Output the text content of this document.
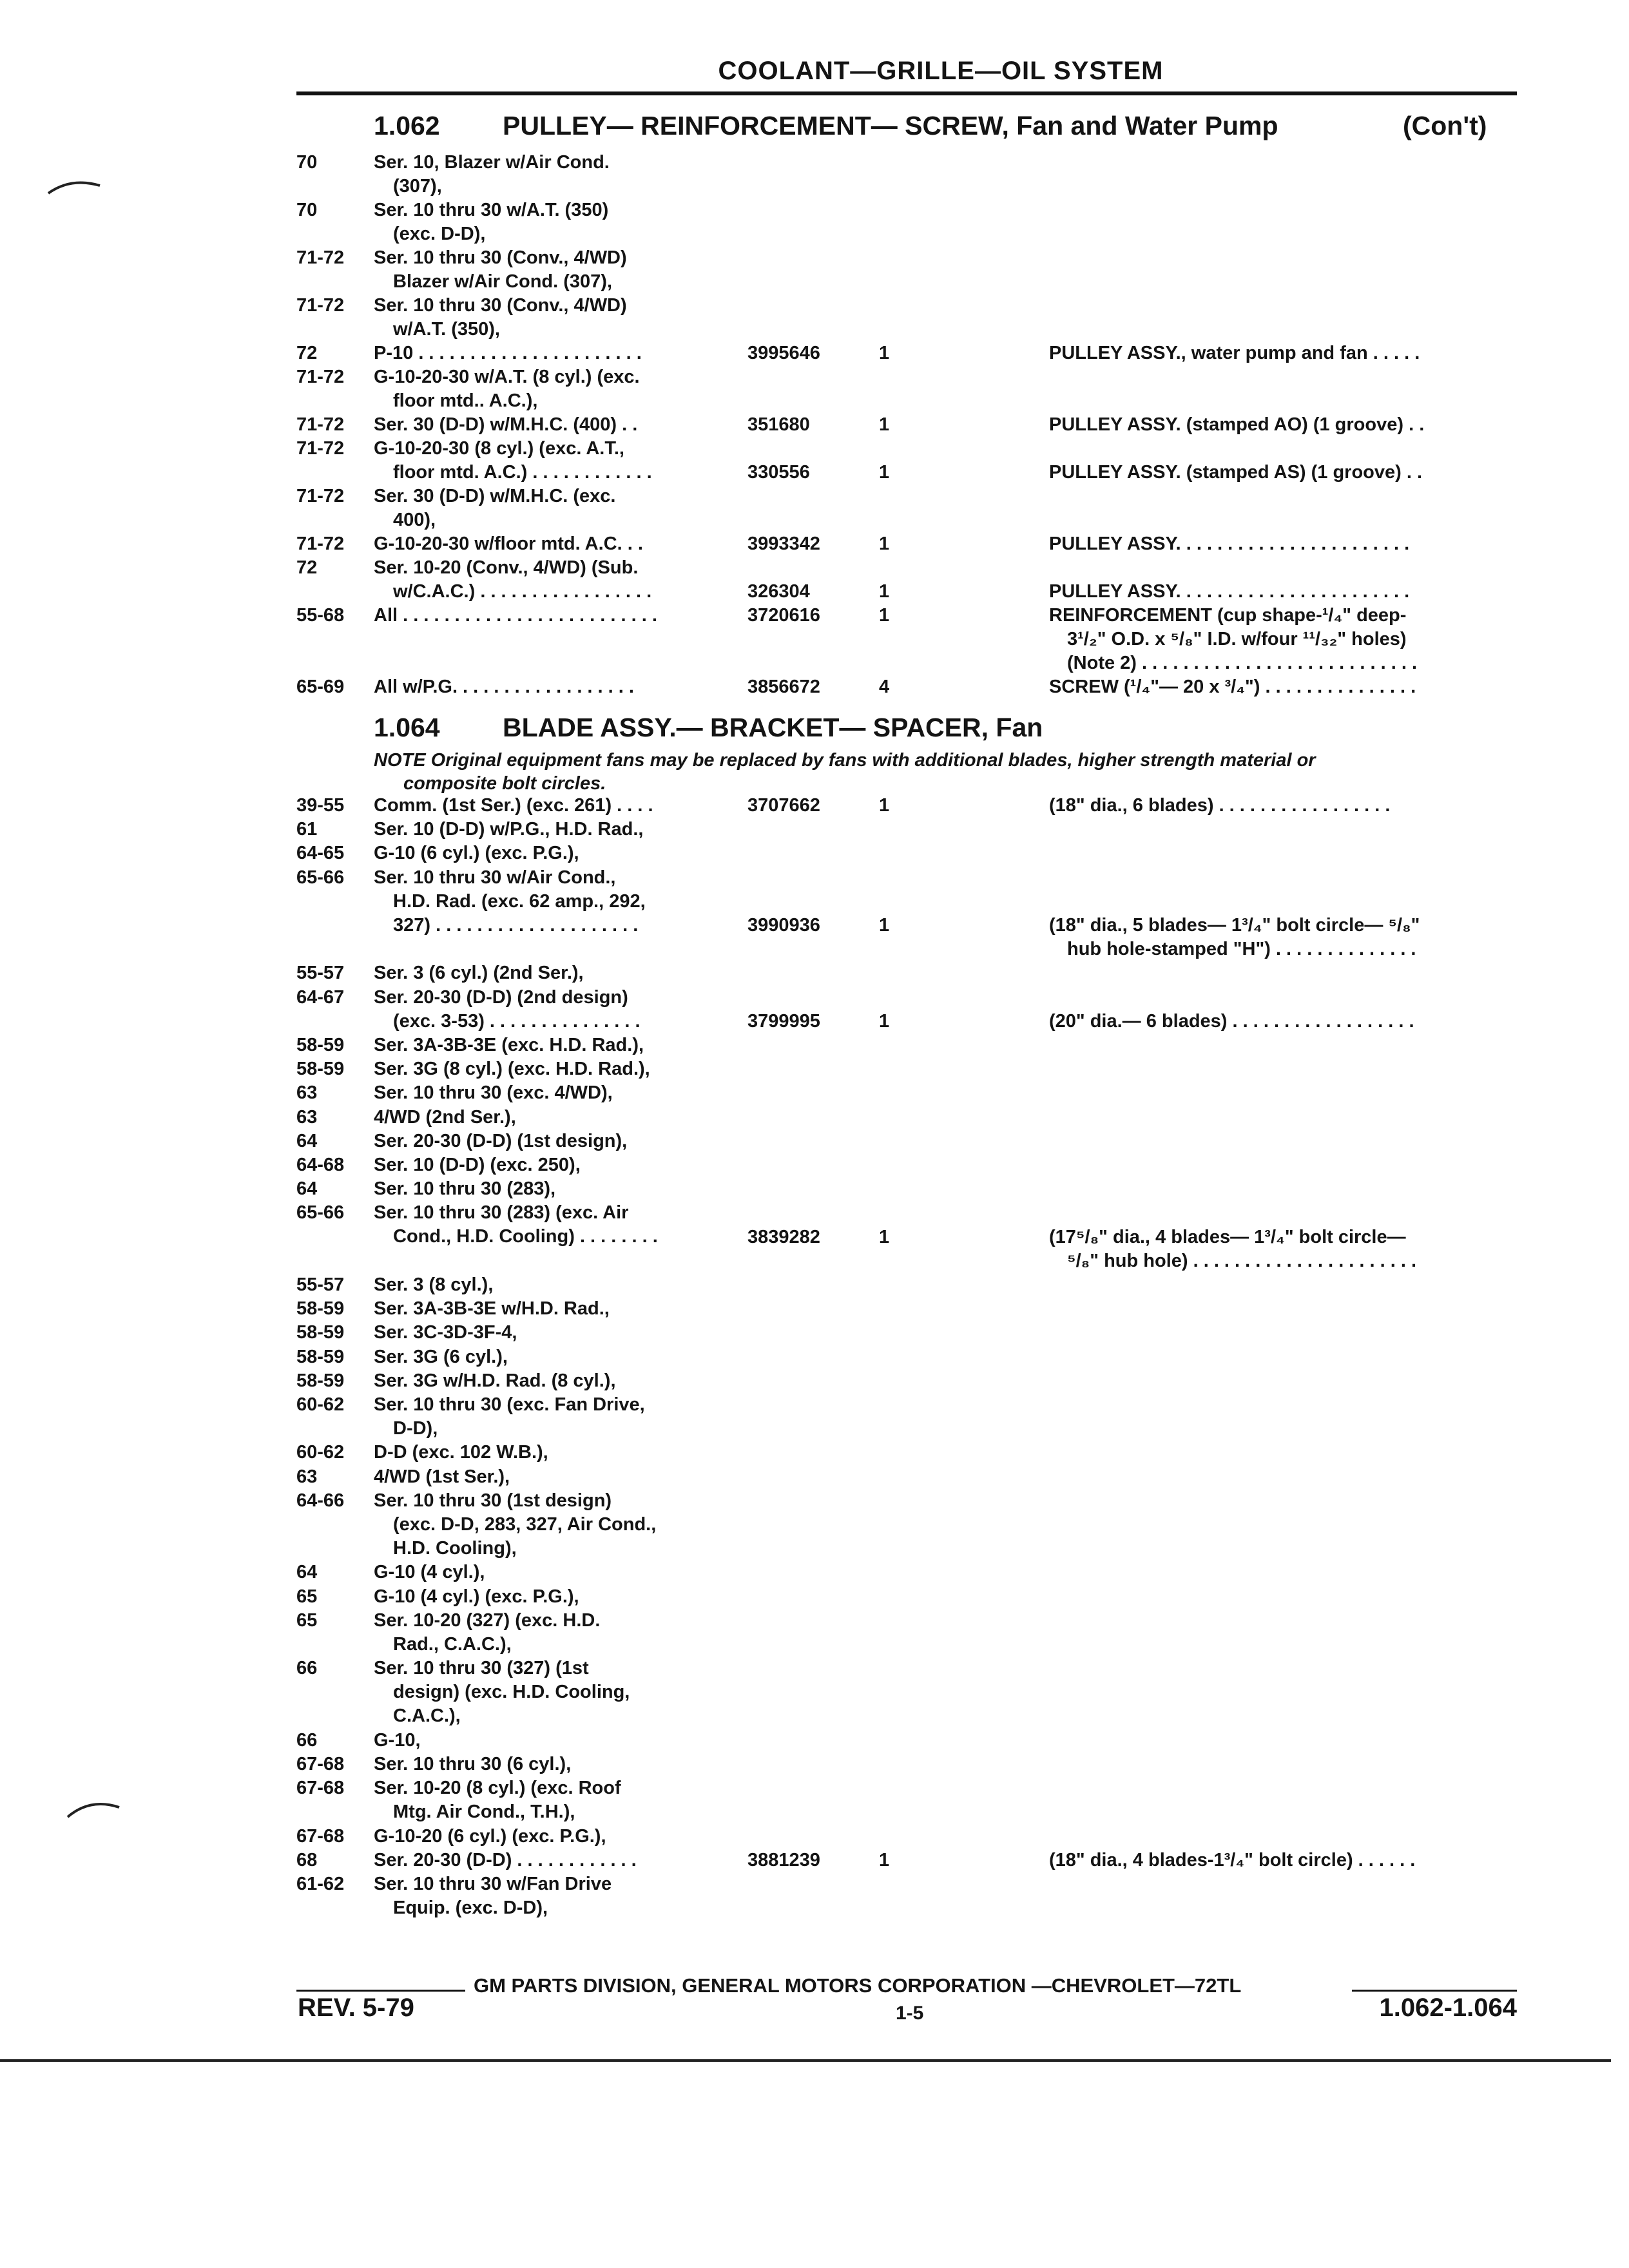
COOLANT—GRILLE—OIL SYSTEM
1.062 PULLEY— REINFORCEMENT— SCREW, Fan and Water Pump	(Con't)
70	Ser. 10, Blazer w/Air Cond.
(307),
70	Ser. 10 thru 30 w/A.T. (350)
(exc. D-D),
71-72 Ser. 10 thru 30 (Conv., 4/WD)
Blazer w/Air Cond. (307),
71-72 Ser. 10 thru 30 (Conv., 4/WD)
w/A.T. (350),
72	P-10 . . . . . . . . . . . . . . . . . . . . . .	3995646	1	PULLEY ASSY., water pump and fan . . . . .
71-72 G-10-20-30 w/A.T. (8 cyl.) (exc.
floor mtd.. A.C.),
71-72 Ser. 30 (D-D) w/M.H.C. (400) . .	351680	1	PULLEY ASSY. (stamped AO) (1 groove) . .
71-72 G-10-20-30 (8 cyl.) (exc. A.T.,
floor mtd. A.C.) . . . . . . . . . . . .	330556	1	PULLEY ASSY. (stamped AS) (1 groove) . .
71-72 Ser. 30 (D-D) w/M.H.C. (exc.
400),
71-72 G-10-20-30 w/floor mtd. A.C. . .	3993342	1	PULLEY ASSY. . . . . . . . . . . . . . . . . . . . . . .
72	Ser. 10-20 (Conv., 4/WD) (Sub.
w/C.A.C.) . . . . . . . . . . . . . . . . .	326304	1	PULLEY ASSY. . . . . . . . . . . . . . . . . . . . . . .
55-68 All . . . . . . . . . . . . . . . . . . . . . . . . .	3720616	1	REINFORCEMENT (cup shape-¹/₄" deep-
3¹/₂" O.D. x ⁵/₈" I.D. w/four ¹¹/₃₂" holes)
(Note 2) . . . . . . . . . . . . . . . . . . . . . . . . . . .
65-69 All w/P.G. . . . . . . . . . . . . . . . . .	3856672	4	SCREW (¹/₄"— 20 x ³/₄") . . . . . . . . . . . . . . .
1.064 BLADE ASSY.— BRACKET— SPACER, Fan
NOTE Original equipment fans may be replaced by fans with additional blades, higher strength material or
composite bolt circles.
39-55 Comm. (1st Ser.) (exc. 261) . . . .	3707662	1	(18" dia., 6 blades) . . . . . . . . . . . . . . . . .
61	Ser. 10 (D-D) w/P.G., H.D. Rad.,
64-65 G-10 (6 cyl.) (exc. P.G.),
65-66 Ser. 10 thru 30 w/Air Cond.,
H.D. Rad. (exc. 62 amp., 292,
327) . . . . . . . . . . . . . . . . . . . .	3990936	1	(18" dia., 5 blades— 1³/₄" bolt circle— ⁵/₈"
hub hole-stamped "H") . . . . . . . . . . . . . .
55-57 Ser. 3 (6 cyl.) (2nd Ser.),
64-67 Ser. 20-30 (D-D) (2nd design)
(exc. 3-53) . . . . . . . . . . . . . . .	3799995	1	(20" dia.— 6 blades) . . . . . . . . . . . . . . . . . .
58-59 Ser. 3A-3B-3E (exc. H.D. Rad.),
58-59 Ser. 3G (8 cyl.) (exc. H.D. Rad.),
63	Ser. 10 thru 30 (exc. 4/WD),
63	4/WD (2nd Ser.),
64	Ser. 20-30 (D-D) (1st design),
64-68 Ser. 10 (D-D) (exc. 250),
64	Ser. 10 thru 30 (283),
65-66 Ser. 10 thru 30 (283) (exc. Air
Cond., H.D. Cooling) . . . . . . . .	3839282	1	(17⁵/₈" dia., 4 blades— 1³/₄" bolt circle—
⁵/₈" hub hole) . . . . . . . . . . . . . . . . . . . . . .
55-57 Ser. 3 (8 cyl.),
58-59 Ser. 3A-3B-3E w/H.D. Rad.,
58-59 Ser. 3C-3D-3F-4,
58-59 Ser. 3G (6 cyl.),
58-59 Ser. 3G w/H.D. Rad. (8 cyl.),
60-62 Ser. 10 thru 30 (exc. Fan Drive,
D-D),
60-62 D-D (exc. 102 W.B.),
63	4/WD (1st Ser.),
64-66 Ser. 10 thru 30 (1st design)
(exc. D-D, 283, 327, Air Cond.,
H.D. Cooling),
64	G-10 (4 cyl.),
65	G-10 (4 cyl.) (exc. P.G.),
65	Ser. 10-20 (327) (exc. H.D.
Rad., C.A.C.),
66	Ser. 10 thru 30 (327) (1st
design) (exc. H.D. Cooling,
C.A.C.),
66	G-10,
67-68 Ser. 10 thru 30 (6 cyl.),
67-68 Ser. 10-20 (8 cyl.) (exc. Roof
Mtg. Air Cond., T.H.),
67-68 G-10-20 (6 cyl.) (exc. P.G.),
68	Ser. 20-30 (D-D) . . . . . . . . . . . .	3881239	1	(18" dia., 4 blades-1³/₄" bolt circle) . . . . . .
61-62 Ser. 10 thru 30 w/Fan Drive
Equip. (exc. D-D),
GM PARTS DIVISION, GENERAL MOTORS CORPORATION —CHEVROLET—72TL
REV. 5-79	1-5	1.062-1.064
